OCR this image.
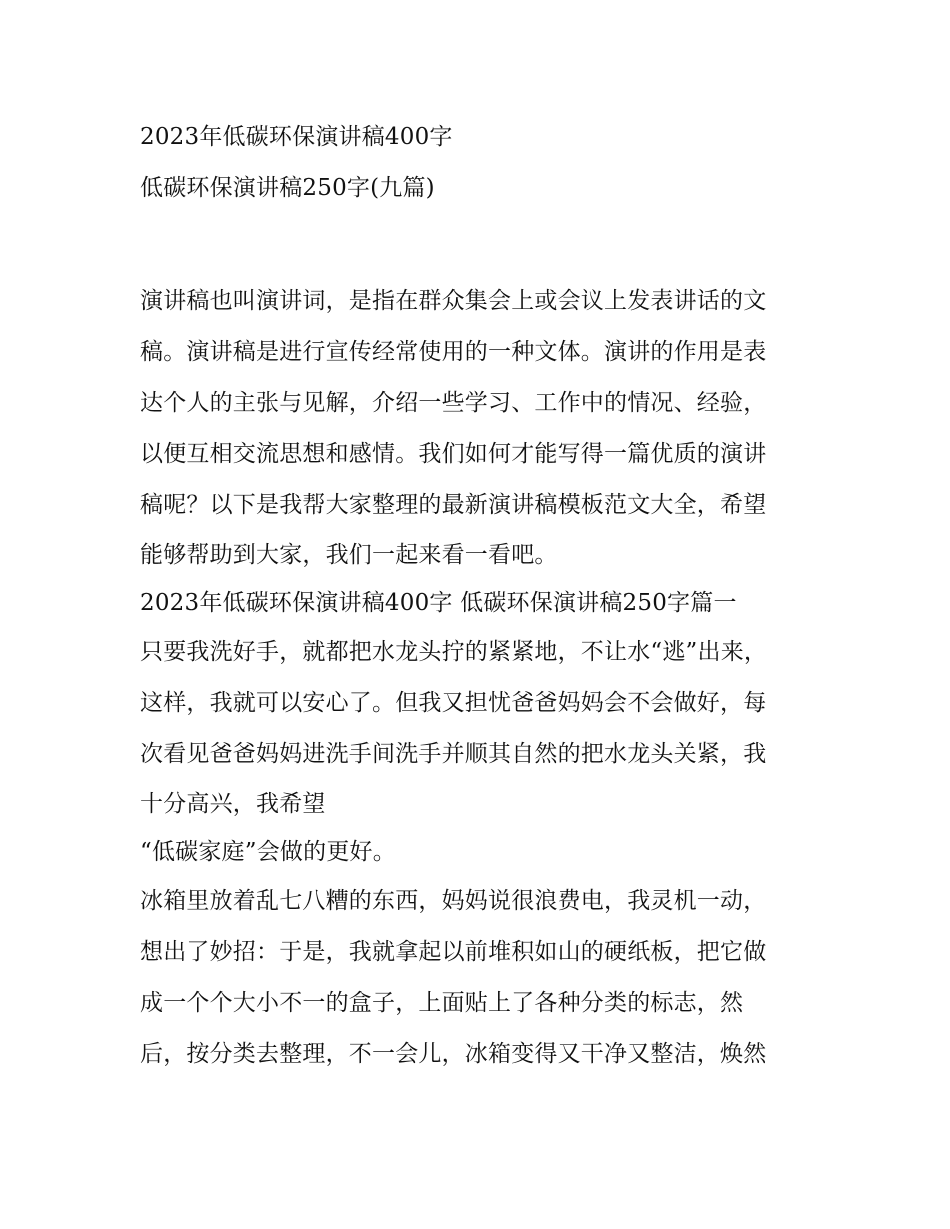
2023年低碳环保演讲稿400字
低碳环保演讲稿250字(九篇)
演讲稿也叫演讲词，是指在群众集会上或会议上发表讲话的文
稿。演讲稿是进行宣传经常使用的一种文体。演讲的作用是表
达个人的主张与见解，介绍一些学习、工作中的情况、经验，
以便互相交流思想和感情。我们如何才能写得一篇优质的演讲
稿呢？以下是我帮大家整理的最新演讲稿模板范文大全，希望
能够帮助到大家，我们一起来看一看吧。
2023年低碳环保演讲稿400字 低碳环保演讲稿250字篇一
只要我洗好手，就都把水龙头拧的紧紧地，不让水“逃”出来，
这样，我就可以安心了。但我又担忧爸爸妈妈会不会做好，每
次看见爸爸妈妈进洗手间洗手并顺其自然的把水龙头关紧，我
十分高兴，我希望
“低碳家庭”会做的更好。
冰箱里放着乱七八糟的东西，妈妈说很浪费电，我灵机一动，
想出了妙招：于是，我就拿起以前堆积如山的硬纸板，把它做
成一个个大小不一的盒子，上面贴上了各种分类的标志，然
后，按分类去整理，不一会儿，冰箱变得又干净又整洁，焕然
